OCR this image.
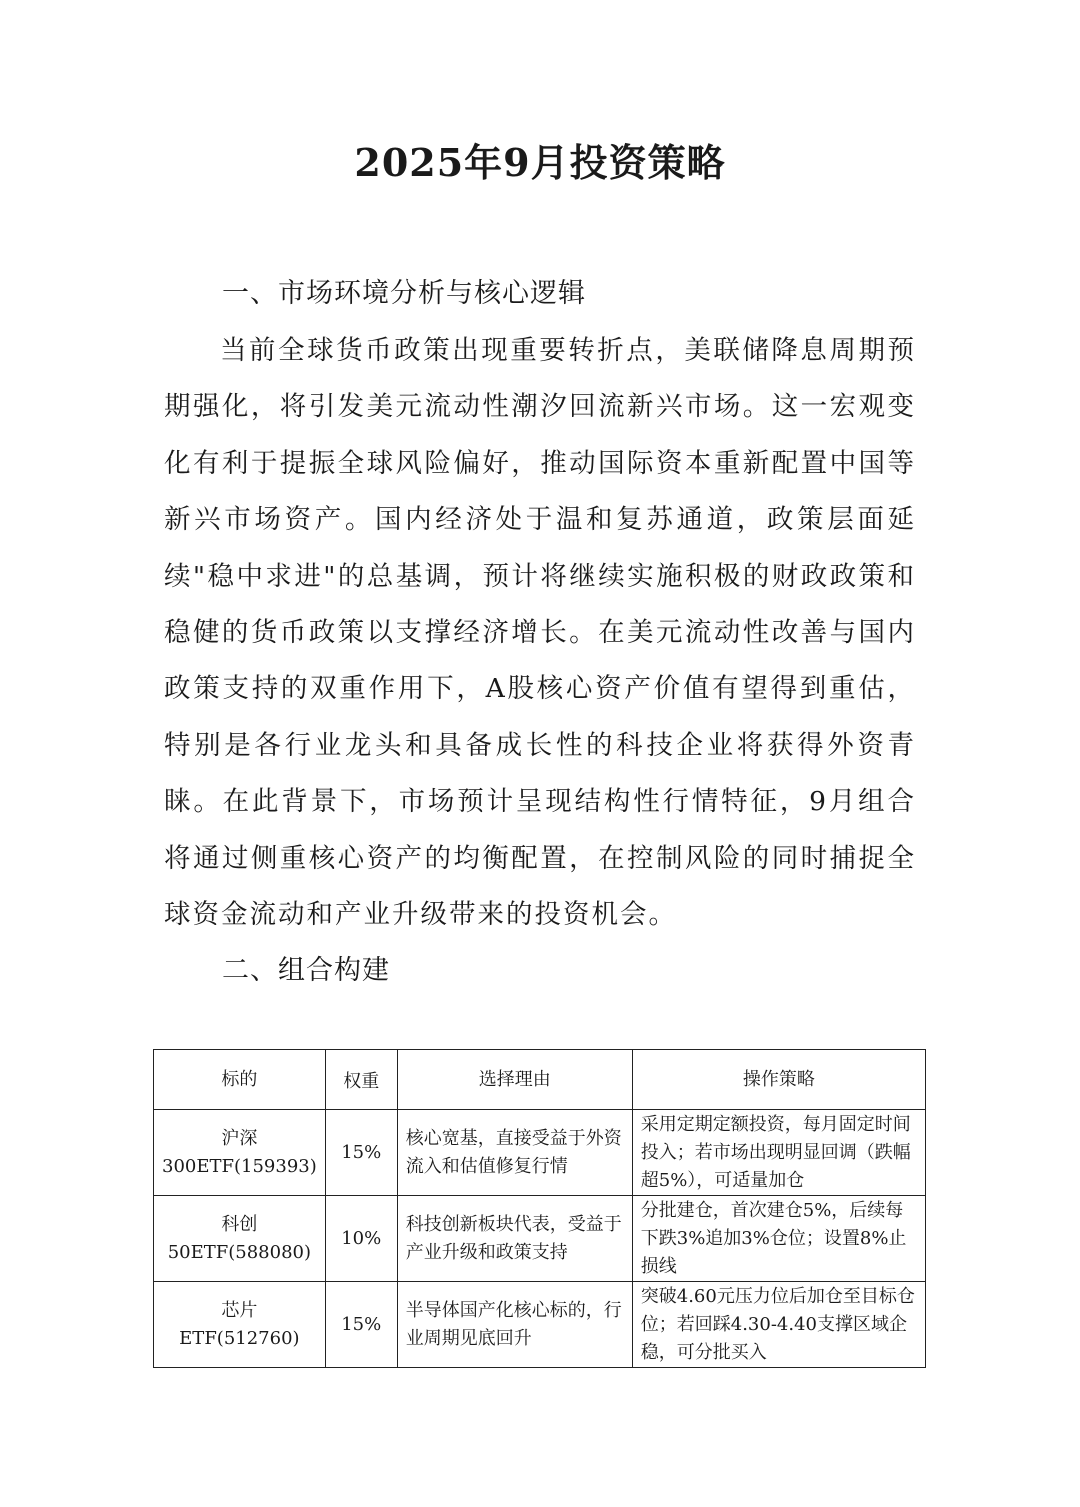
2025年9月投资策略
一、市场环境分析与核心逻辑

当前全球货币政策出现重要转折点，美联储降息周期预期强化，将引发美元流动性潮汐回流新兴市场。这一宏观变化有利于提振全球风险偏好，推动国际资本重新配置中国等新兴市场资产。国内经济处于温和复苏通道，政策层面延续"稳中求进"的总基调，预计将继续实施积极的财政政策和稳健的货币政策以支撑经济增长。在美元流动性改善与国内政策支持的双重作用下，A股核心资产价值有望得到重估，特别是各行业龙头和具备成长性的科技企业将获得外资青睐。在此背景下，市场预计呈现结构性行情特征，9月组合将通过侧重核心资产的均衡配置，在控制风险的同时捕捉全球资金流动和产业升级带来的投资机会。

二、组合构建
标的	权重	选择理由	操作策略

沪深
300ETF(159393)	15%	核心宽基，直接受益于外资流入和估值修复行情	采用定期定额投资，每月固定时间投入；若市场出现明显回调（跌幅超5%），可适量加仓

科创
50ETF(588080)	10%	科技创新板块代表，受益于产业升级和政策支持	分批建仓，首次建仓5%，后续每下跌3%追加3%仓位；设置8%止损线

芯片
ETF(512760)	15%	半导体国产化核心标的，行业周期见底回升	突破4.60元压力位后加仓至目标仓位；若回踩4.30-4.40支撑区域企稳，可分批买入
